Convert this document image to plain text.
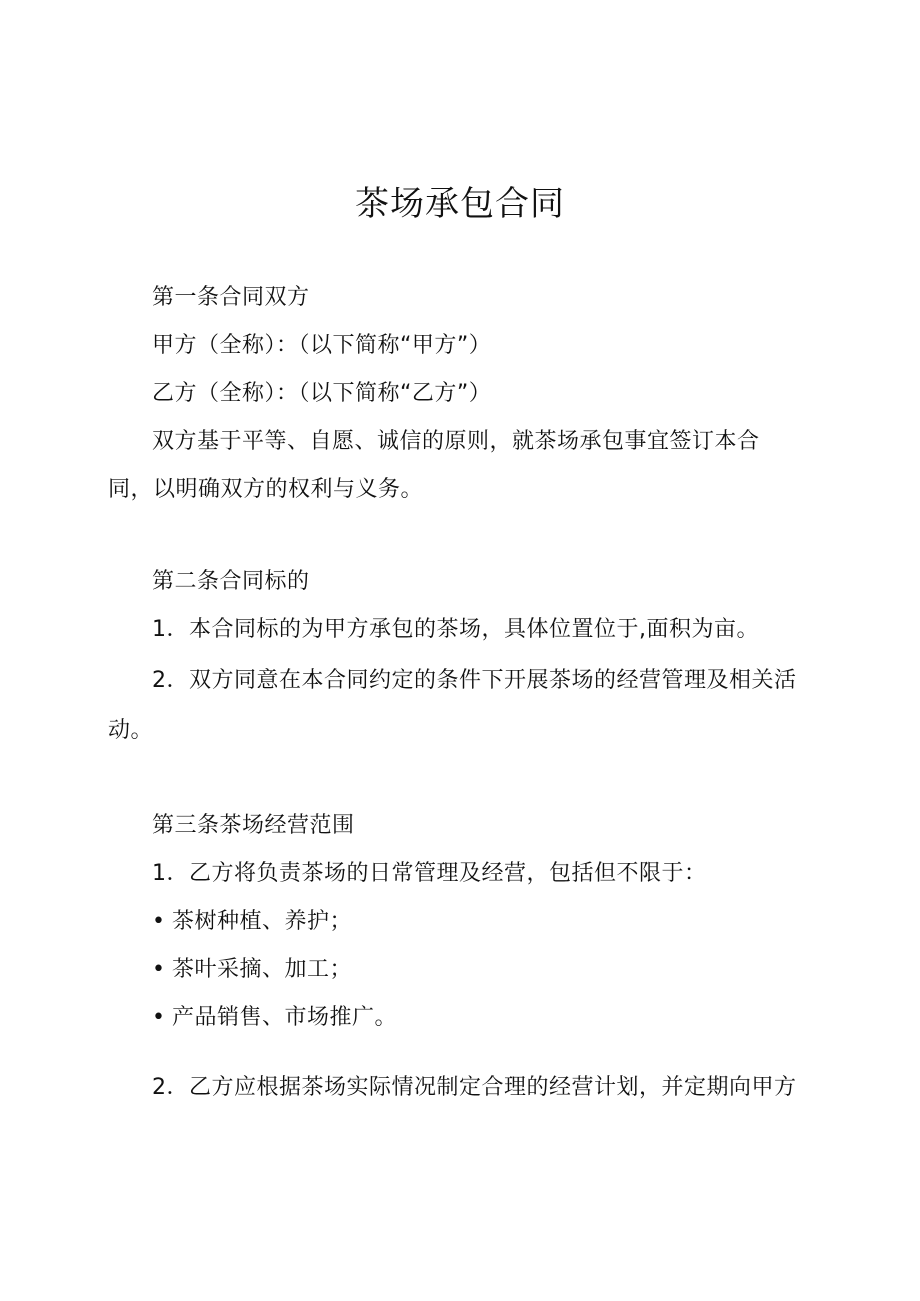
茶场承包合同

第一条合同双方

甲方（全称）：（以下简称“甲方”）

乙方（全称）：（以下简称“乙方”）

双方基于平等、自愿、诚信的原则，就茶场承包事宜签订本合

同，以明确双方的权利与义务。

第二条合同标的

1．本合同标的为甲方承包的茶场，具体位置位于,面积为亩。

2．双方同意在本合同约定的条件下开展茶场的经营管理及相关活

动。

第三条茶场经营范围

1．乙方将负责茶场的日常管理及经营，包括但不限于：

• 茶树种植、养护；

• 茶叶采摘、加工；

• 产品销售、市场推广。

2．乙方应根据茶场实际情况制定合理的经营计划，并定期向甲方
